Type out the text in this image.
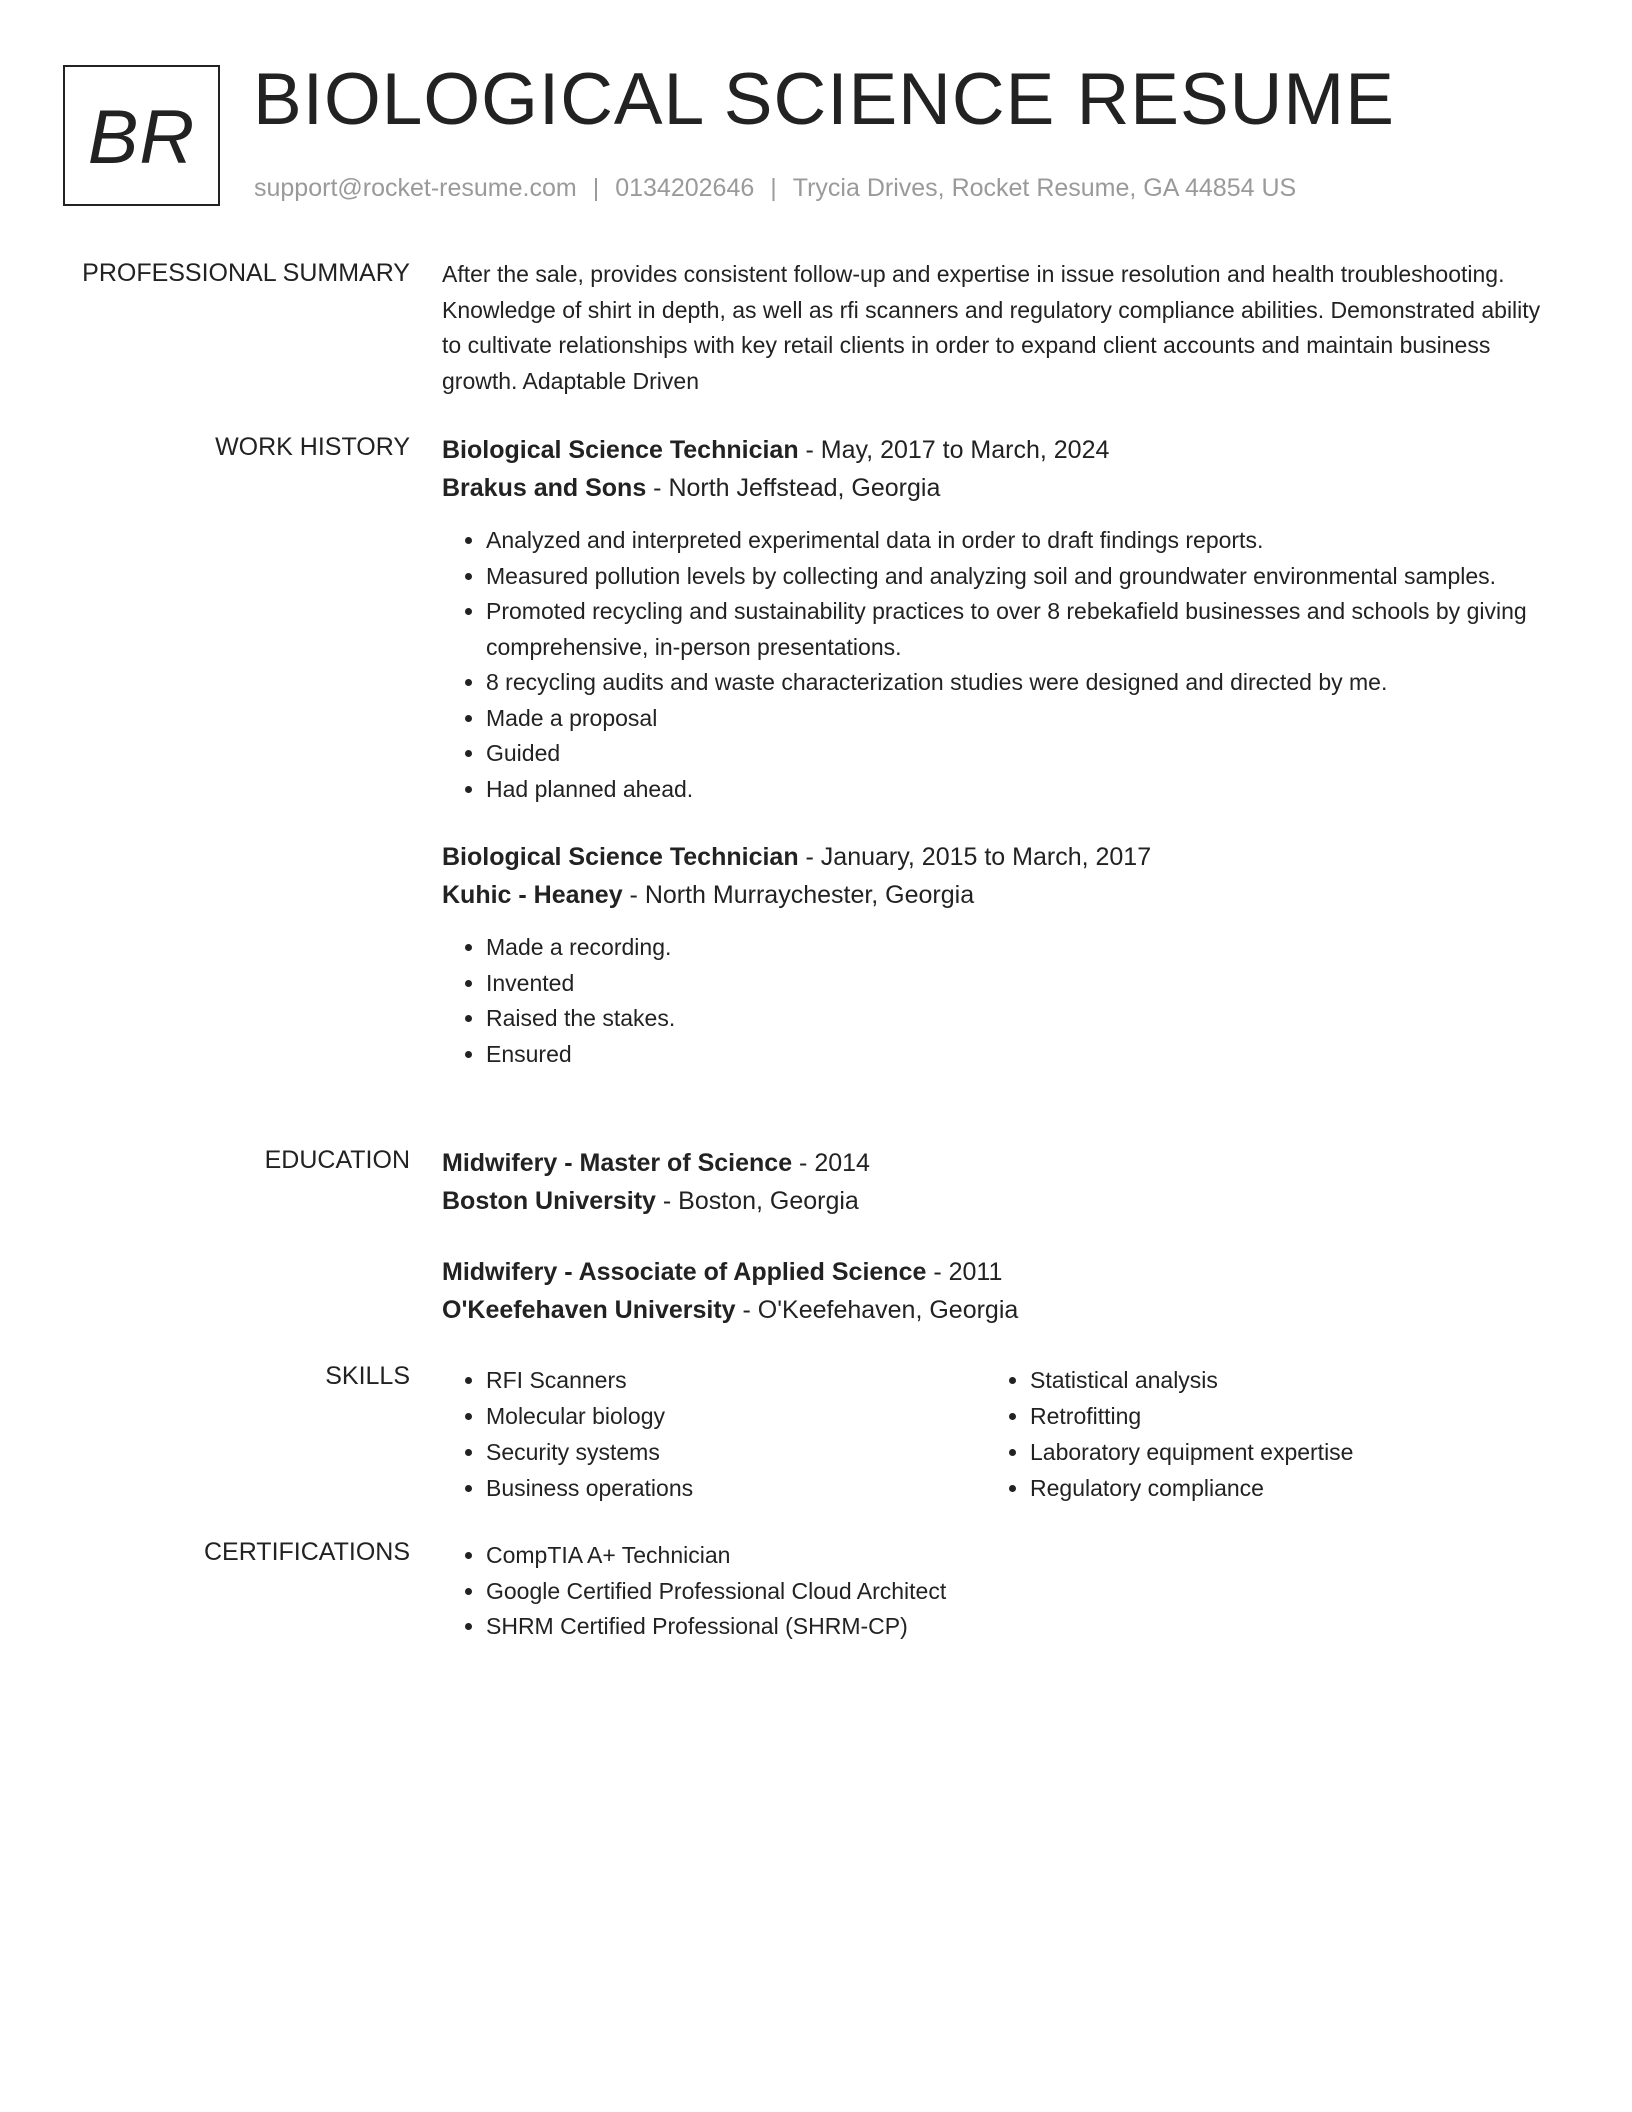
BR BIOLOGICAL SCIENCE RESUME
support@rocket-resume.com | 0134202646 | Trycia Drives, Rocket Resume, GA 44854 US
PROFESSIONAL SUMMARY After the sale, provides consistent follow-up and expertise in issue resolution and health troubleshooting. Knowledge of shirt in depth, as well as rfi scanners and regulatory compliance abilities. Demonstrated ability to cultivate relationships with key retail clients in order to expand client accounts and maintain business growth. Adaptable Driven

WORK HISTORY Biological Science Technician - May, 2017 to March, 2024
Brakus and Sons - North Jeffstead, Georgia
• Analyzed and interpreted experimental data in order to draft findings reports.
• Measured pollution levels by collecting and analyzing soil and groundwater environmental samples.
• Promoted recycling and sustainability practices to over 8 rebekafield businesses and schools by giving comprehensive, in-person presentations.
• 8 recycling audits and waste characterization studies were designed and directed by me.
• Made a proposal
• Guided
• Had planned ahead.
Biological Science Technician - January, 2015 to March, 2017
Kuhic - Heaney - North Murraychester, Georgia
• Made a recording.
• Invented
• Raised the stakes.
• Ensured
EDUCATION Midwifery - Master of Science - 2014
Boston University - Boston, Georgia
Midwifery - Associate of Applied Science - 2011
O'Keefehaven University - O'Keefehaven, Georgia
SKILLS	• RFI Scanners
• Molecular biology
• Security systems
• Business operations
• Statistical analysis
• Retrofitting
• Laboratory equipment expertise
• Regulatory compliance
CERTIFICATIONS	• CompTIA A+ Technician
• Google Certified Professional Cloud Architect
• SHRM Certified Professional (SHRM-CP)
